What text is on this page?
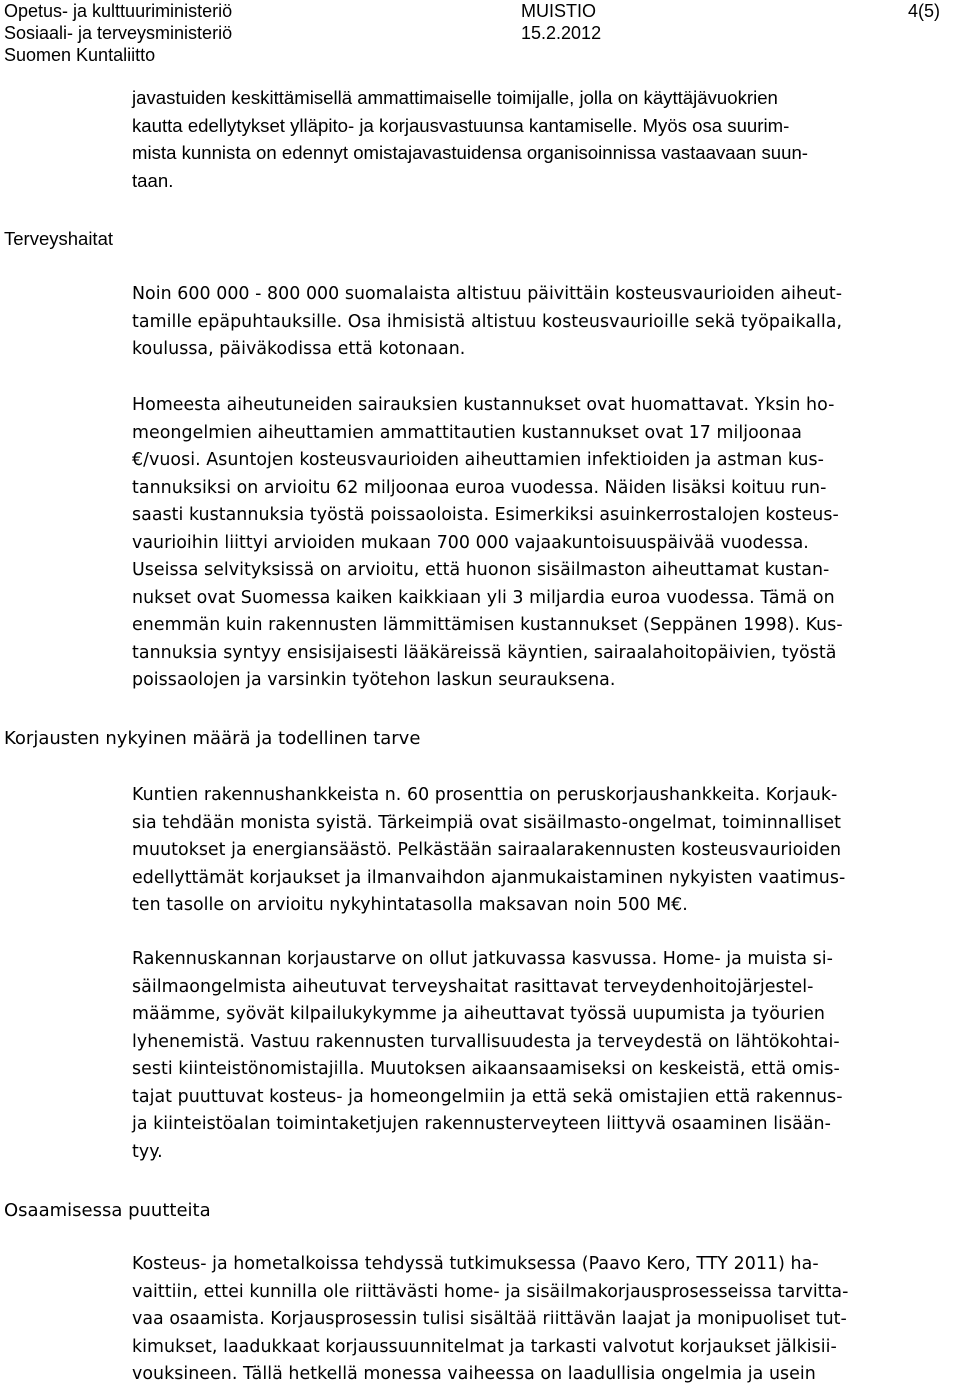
Opetus- ja kulttuuriministeriö
Sosiaali- ja terveysministeriö
Suomen Kuntaliitto
MUISTIO
15.2.2012
4(5)
javastuiden keskittämisellä ammattimaiselle toimijalle, jolla on käyttäjävuokrien
kautta edellytykset ylläpito- ja korjausvastuunsa kantamiselle. Myös osa suurim-
mista kunnista on edennyt omistajavastuidensa organisoinnissa vastaavaan suun-
taan.
Terveyshaitat
Noin 600 000 - 800 000 suomalaista altistuu päivittäin kosteusvaurioiden aiheut-
tamille epäpuhtauksille. Osa ihmisistä altistuu kosteusvaurioille sekä työpaikalla,
koulussa, päiväkodissa että kotonaan.
Homeesta aiheutuneiden sairauksien kustannukset ovat huomattavat. Yksin ho-
meongelmien aiheuttamien ammattitautien kustannukset ovat 17 miljoonaa
€/vuosi. Asuntojen kosteusvaurioiden aiheuttamien infektioiden ja astman kus-
tannuksiksi on arvioitu 62 miljoonaa euroa vuodessa. Näiden lisäksi koituu run-
saasti kustannuksia työstä poissaoloista. Esimerkiksi asuinkerrostalojen kosteus-
vaurioihin liittyi arvioiden mukaan 700 000 vajaakuntoisuuspäivää vuodessa.
Useissa selvityksissä on arvioitu, että huonon sisäilmaston aiheuttamat kustan-
nukset ovat Suomessa kaiken kaikkiaan yli 3 miljardia euroa vuodessa. Tämä on
enemmän kuin rakennusten lämmittämisen kustannukset (Seppänen 1998). Kus-
tannuksia syntyy ensisijaisesti lääkäreissä käyntien, sairaalahoitopäivien, työstä
poissaolojen ja varsinkin työtehon laskun seurauksena.
Korjausten nykyinen määrä ja todellinen tarve
Kuntien rakennushankkeista n. 60 prosenttia on peruskorjaushankkeita. Korjauk-
sia tehdään monista syistä. Tärkeimpiä ovat sisäilmasto-ongelmat, toiminnalliset
muutokset ja energiansäästö. Pelkästään sairaalarakennusten kosteusvaurioiden
edellyttämät korjaukset ja ilmanvaihdon ajanmukaistaminen nykyisten vaatimus-
ten tasolle on arvioitu nykyhintatasolla maksavan noin 500 M€.
Rakennuskannan korjaustarve on ollut jatkuvassa kasvussa. Home- ja muista si-
säilmaongelmista aiheutuvat terveyshaitat rasittavat terveydenhoitojärjestel-
määmme, syövät kilpailukykymme ja aiheuttavat työssä uupumista ja työurien
lyhenemistä. Vastuu rakennusten turvallisuudesta ja terveydestä on lähtökohtai-
sesti kiinteistönomistajilla. Muutoksen aikaansaamiseksi on keskeistä, että omis-
tajat puuttuvat kosteus- ja homeongelmiin ja että sekä omistajien että rakennus-
ja kiinteistöalan toimintaketjujen rakennusterveyteen liittyvä osaaminen lisään-
tyy.
Osaamisessa puutteita
Kosteus- ja hometalkoissa tehdyssä tutkimuksessa (Paavo Kero, TTY 2011) ha-
vaittiin, ettei kunnilla ole riittävästi home- ja sisäilmakorjausprosesseissa tarvitta-
vaa osaamista. Korjausprosessin tulisi sisältää riittävän laajat ja monipuoliset tut-
kimukset, laadukkaat korjaussuunnitelmat ja tarkasti valvotut korjaukset jälkisii-
vouksineen. Tällä hetkellä monessa vaiheessa on laadullisia ongelmia ja usein
